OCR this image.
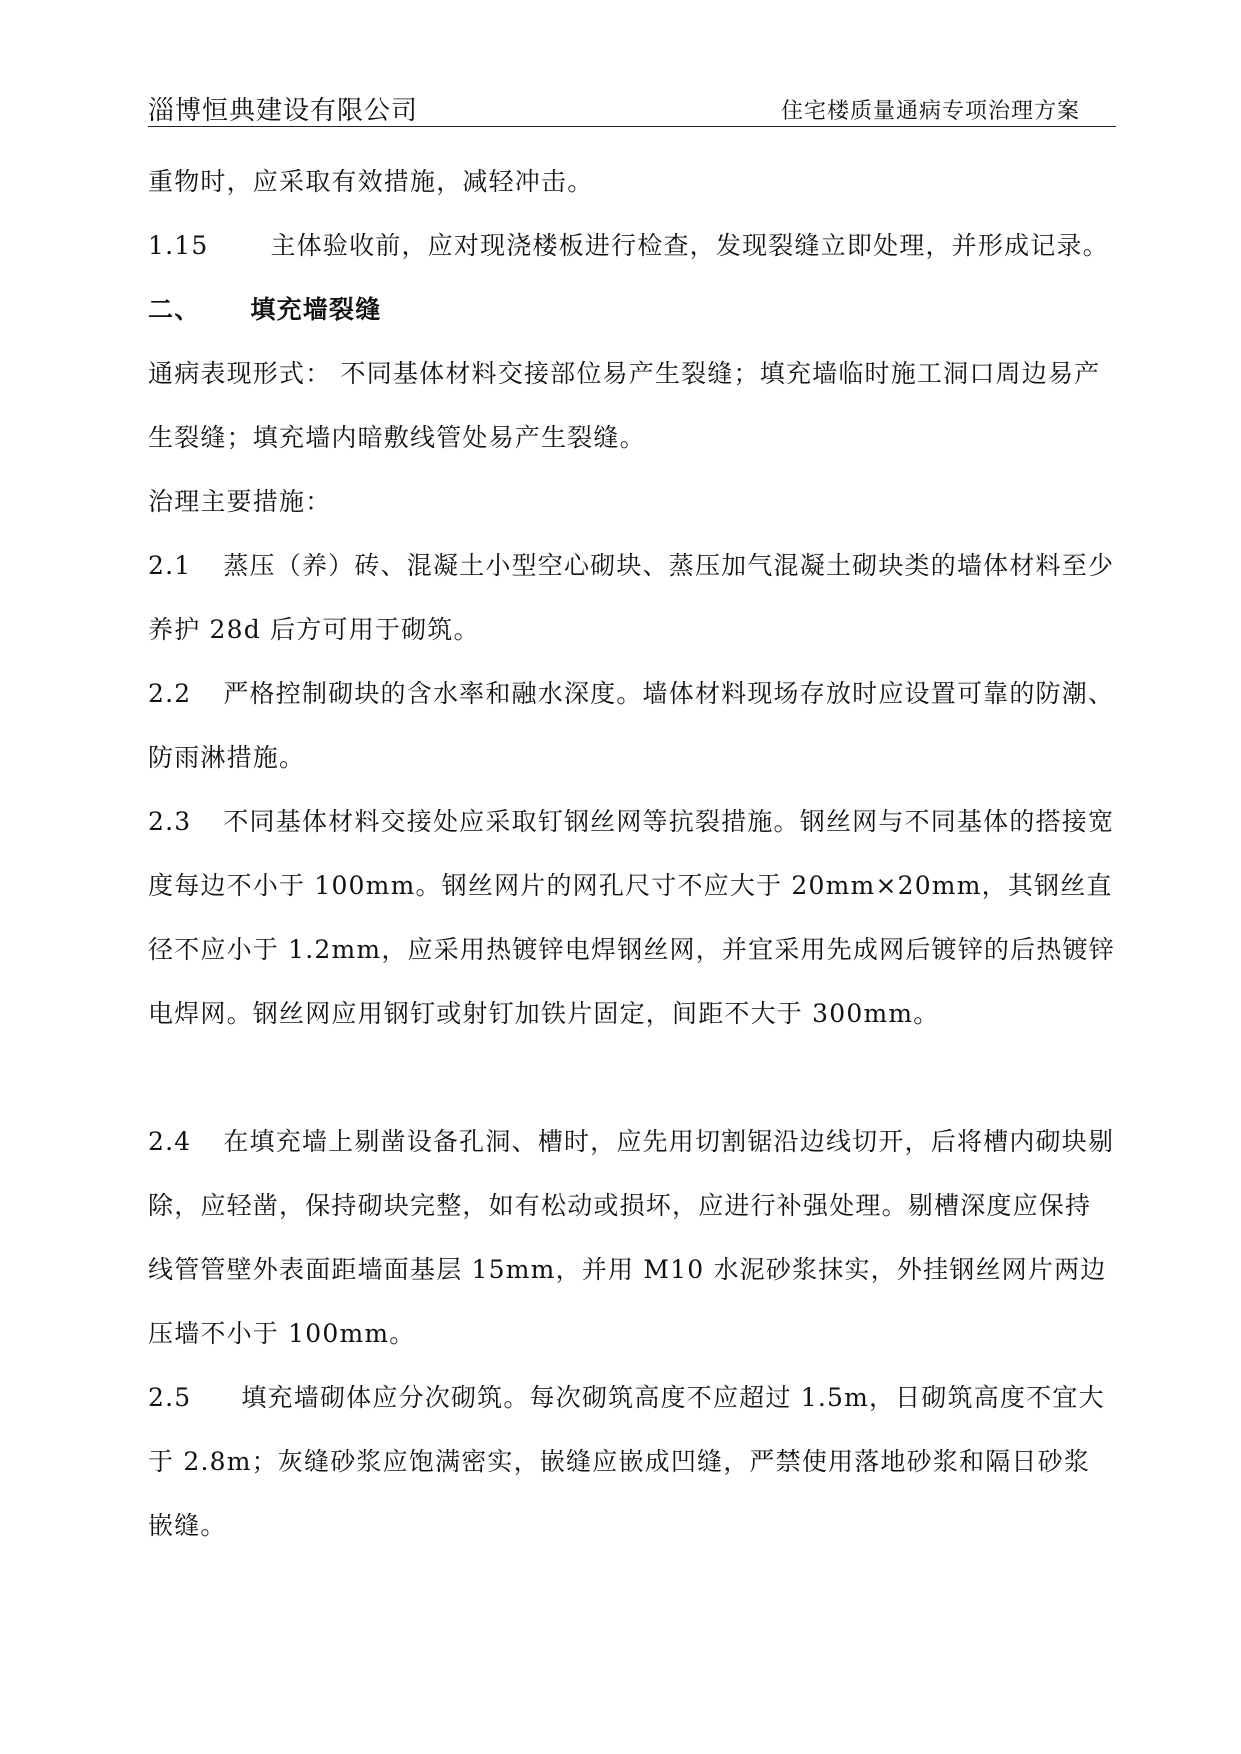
淄博恒典建设有限公司	住宅楼质量通病专项治理方案

重物时，应采取有效措施，减轻冲击。

1.15 主体验收前，应对现浇楼板进行检查，发现裂缝立即处理，并形成记录。

二、 填充墙裂缝

通病表现形式： 不同基体材料交接部位易产生裂缝；填充墙临时施工洞口周边易产生裂缝；填充墙内暗敷线管处易产生裂缝。

治理主要措施：

2.1 蒸压（养）砖、混凝土小型空心砌块、蒸压加气混凝土砌块类的墙体材料至少养护 28d 后方可用于砌筑。

2.2 严格控制砌块的含水率和融水深度。墙体材料现场存放时应设置可靠的防潮、防雨淋措施。

2.3 不同基体材料交接处应采取钉钢丝网等抗裂措施。钢丝网与不同基体的搭接宽度每边不小于 100mm。钢丝网片的网孔尺寸不应大于 20mm×20mm，其钢丝直径不应小于 1.2mm，应采用热镀锌电焊钢丝网，并宜采用先成网后镀锌的后热镀锌电焊网。钢丝网应用钢钉或射钉加铁片固定，间距不大于 300mm。

2.4 在填充墙上剔凿设备孔洞、槽时，应先用切割锯沿边线切开，后将槽内砌块剔除，应轻凿，保持砌块完整，如有松动或损坏，应进行补强处理。剔槽深度应保持线管管壁外表面距墙面基层 15mm，并用 M10 水泥砂浆抹实，外挂钢丝网片两边压墙不小于 100mm。

2.5 填充墙砌体应分次砌筑。每次砌筑高度不应超过 1.5m，日砌筑高度不宜大于 2.8m；灰缝砂浆应饱满密实，嵌缝应嵌成凹缝，严禁使用落地砂浆和隔日砂浆嵌缝。
